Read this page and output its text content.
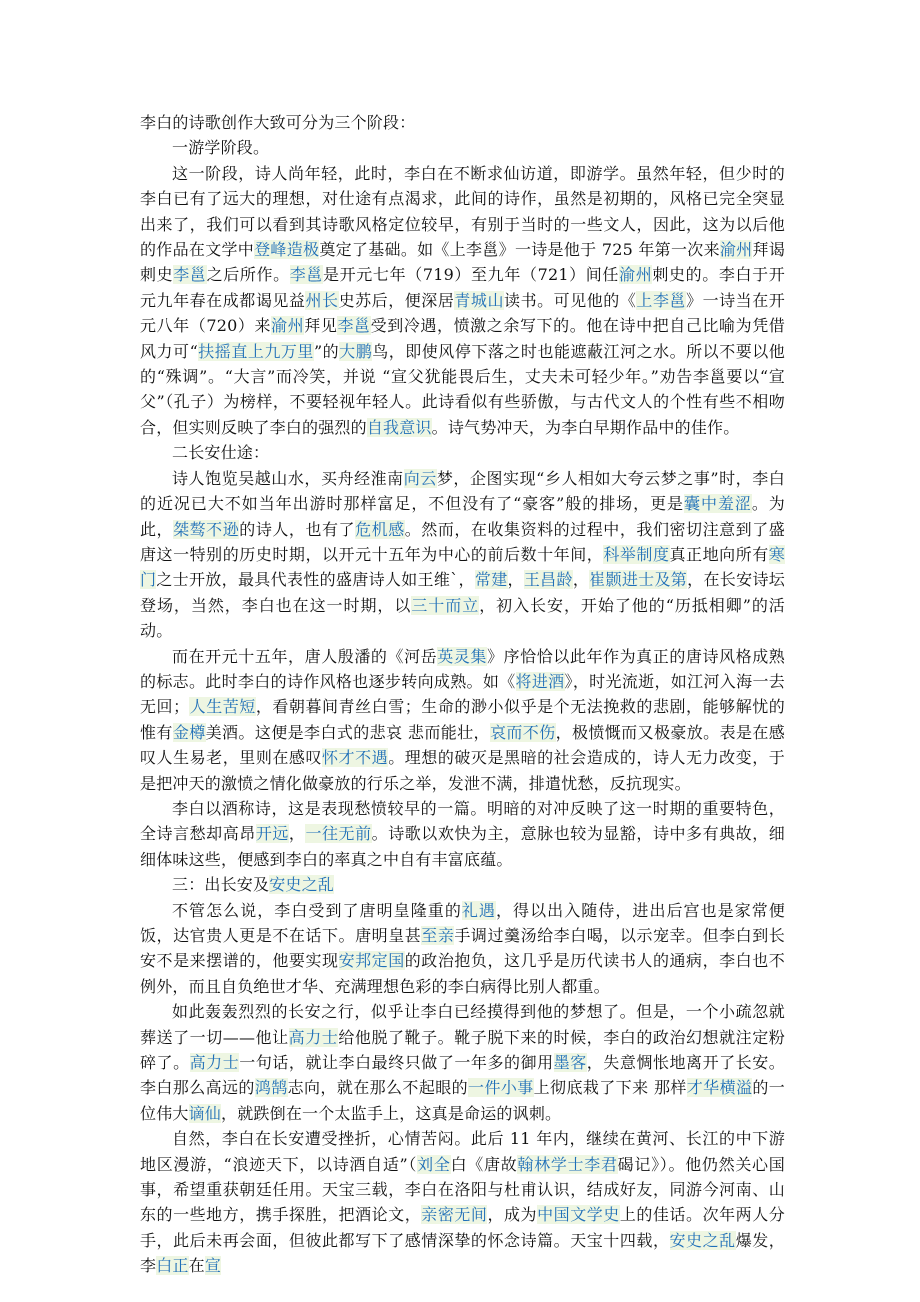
李白的诗歌创作大致可分为三个阶段：

一游学阶段。

这一阶段，诗人尚年轻，此时，李白在不断求仙访道，即游学。虽然年轻，但少时的李白已有了远大的理想，对仕途有点渴求，此间的诗作，虽然是初期的，风格已完全突显出来了，我们可以看到其诗歌风格定位较早，有别于当时的一些文人，因此，这为以后他的作品在文学中登峰造极奠定了基础。如《上李邕》一诗是他于 725 年第一次来渝州拜谒刺史李邕之后所作。李邕是开元七年（719）至九年（721）间任渝州刺史的。李白于开元九年春在成都谒见益州长史苏后，便深居青城山读书。可见他的《上李邕》一诗当在开元八年（720）来渝州拜见李邕受到冷遇，愤激之余写下的。他在诗中把自己比喻为凭借风力可“扶摇直上九万里”的大鹏鸟，即使风停下落之时也能遮蔽江河之水。所以不要以他的“殊调”。“大言”而冷笑，并说 “宣父犹能畏后生，丈夫未可轻少年。”劝告李邕要以“宣父”（孔子）为榜样，不要轻视年轻人。此诗看似有些骄傲，与古代文人的个性有些不相吻合，但实则反映了李白的强烈的自我意识。诗气势冲天，为李白早期作品中的佳作。

二长安仕途：

诗人饱览吴越山水，买舟经淮南向云梦，企图实现“乡人相如大夸云梦之事”时，李白的近况已大不如当年出游时那样富足，不但没有了“豪客”般的排场，更是囊中羞涩。为此，桀骜不逊的诗人，也有了危机感。然而，在收集资料的过程中，我们密切注意到了盛唐这一特别的历史时期，以开元十五年为中心的前后数十年间，科举制度真正地向所有寒门之士开放，最具代表性的盛唐诗人如王维`，常建，王昌龄，崔颢进士及第，在长安诗坛登场，当然，李白也在这一时期，以三十而立，初入长安，开始了他的“历抵相卿”的活动。

而在开元十五年，唐人殷潘的《河岳英灵集》序恰恰以此年作为真正的唐诗风格成熟的标志。此时李白的诗作风格也逐步转向成熟。如《将进酒》，时光流逝，如江河入海一去无回；人生苦短，看朝暮间青丝白雪；生命的渺小似乎是个无法挽救的悲剧，能够解忧的惟有金樽美酒。这便是李白式的悲哀 悲而能壮，哀而不伤，极愤慨而又极豪放。表是在感叹人生易老，里则在感叹怀才不遇。理想的破灭是黑暗的社会造成的，诗人无力改变，于是把冲天的激愤之情化做豪放的行乐之举，发泄不满，排遣忧愁，反抗现实。

李白以酒称诗，这是表现愁愤较早的一篇。明暗的对冲反映了这一时期的重要特色，全诗言愁却高昂开远，一往无前。诗歌以欢快为主，意脉也较为显豁，诗中多有典故，细细体味这些，便感到李白的率真之中自有丰富底蕴。

三：出长安及安史之乱

不管怎么说，李白受到了唐明皇隆重的礼遇，得以出入随侍，进出后宫也是家常便饭，达官贵人更是不在话下。唐明皇甚至亲手调过羹汤给李白喝，以示宠幸。但李白到长安不是来摆谱的，他要实现安邦定国的政治抱负，这几乎是历代读书人的通病，李白也不例外，而且自负绝世才华、充满理想色彩的李白病得比别人都重。

如此轰轰烈烈的长安之行，似乎让李白已经摸得到他的梦想了。但是，一个小疏忽就葬送了一切——他让高力士给他脱了靴子。靴子脱下来的时候，李白的政治幻想就注定粉碎了。高力士一句话，就让李白最终只做了一年多的御用墨客，失意惆怅地离开了长安。李白那么高远的鸿鹄志向，就在那么不起眼的一件小事上彻底栽了下来 那样才华横溢的一位伟大谪仙，就跌倒在一个太监手上，这真是命运的讽刺。

自然，李白在长安遭受挫折，心情苦闷。此后 11 年内，继续在黄河、长江的中下游地区漫游，“浪迹天下，以诗酒自适”（刘全白《唐故翰林学士李君碣记》）。他仍然关心国事，希望重获朝廷任用。天宝三载，李白在洛阳与杜甫认识，结成好友，同游今河南、山东的一些地方，携手探胜，把酒论文，亲密无间，成为中国文学史上的佳话。次年两人分手，此后未再会面，但彼此都写下了感情深挚的怀念诗篇。天宝十四载，安史之乱爆发，李白正在宣
